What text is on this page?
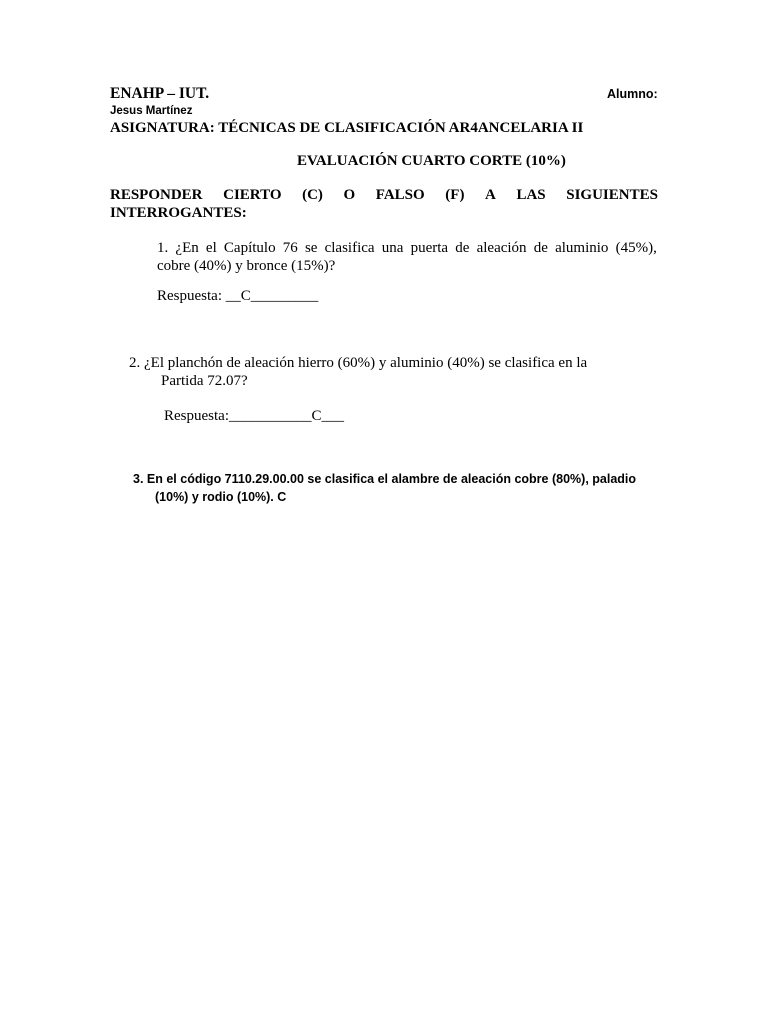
ENAHP – IUT.	Alumno:
Jesus Martínez
ASIGNATURA: TÉCNICAS DE CLASIFICACIÓN AR4ANCELARIA II
EVALUACIÓN CUARTO CORTE (10%)
RESPONDER CIERTO (C) O FALSO (F) A LAS SIGUIENTES
INTERROGANTES:
1. ¿En el Capítulo 76 se clasifica una puerta de aleación de aluminio (45%),
cobre (40%) y bronce (15%)?
Respuesta: __C_________
2. ¿El planchón de aleación hierro (60%) y aluminio (40%) se clasifica en la
Partida 72.07?
Respuesta:___________C___
3. En el código 7110.29.00.00 se clasifica el alambre de aleación cobre (80%), paladio
(10%) y rodio (10%). C
